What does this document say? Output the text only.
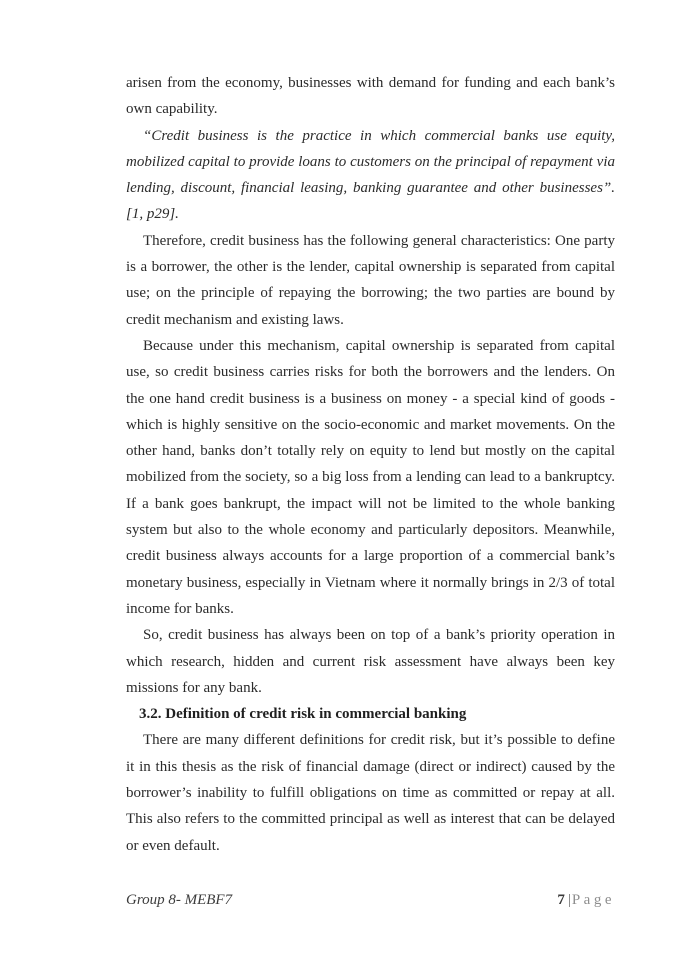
arisen from the economy, businesses with demand for funding and each bank’s own capability.

“Credit business is the practice in which commercial banks use equity, mobilized capital to provide loans to customers on the principal of repayment via lending, discount, financial leasing, banking guarantee and other businesses”. [1, p29].

Therefore, credit business has the following general characteristics: One party is a borrower, the other is the lender, capital ownership is separated from capital use; on the principle of repaying the borrowing; the two parties are bound by credit mechanism and existing laws.

Because under this mechanism, capital ownership is separated from capital use, so credit business carries risks for both the borrowers and the lenders. On the one hand credit business is a business on money - a special kind of goods - which is highly sensitive on the socio-economic and market movements. On the other hand, banks don’t totally rely on equity to lend but mostly on the capital mobilized from the society, so a big loss from a lending can lead to a bankruptcy. If a bank goes bankrupt, the impact will not be limited to the whole banking system but also to the whole economy and particularly depositors. Meanwhile, credit business always accounts for a large proportion of a commercial bank’s monetary business, especially in Vietnam where it normally brings in 2/3 of total income for banks.

So, credit business has always been on top of a bank’s priority operation in which research, hidden and current risk assessment have always been key missions for any bank.

3.2. Definition of credit risk in commercial banking

There are many different definitions for credit risk, but it’s possible to define it in this thesis as the risk of financial damage (direct or indirect) caused by the borrower’s inability to fulfill obligations on time as committed or repay at all. This also refers to the committed principal as well as interest that can be delayed or even default.

Group 8- MEBF7	7 |Page
